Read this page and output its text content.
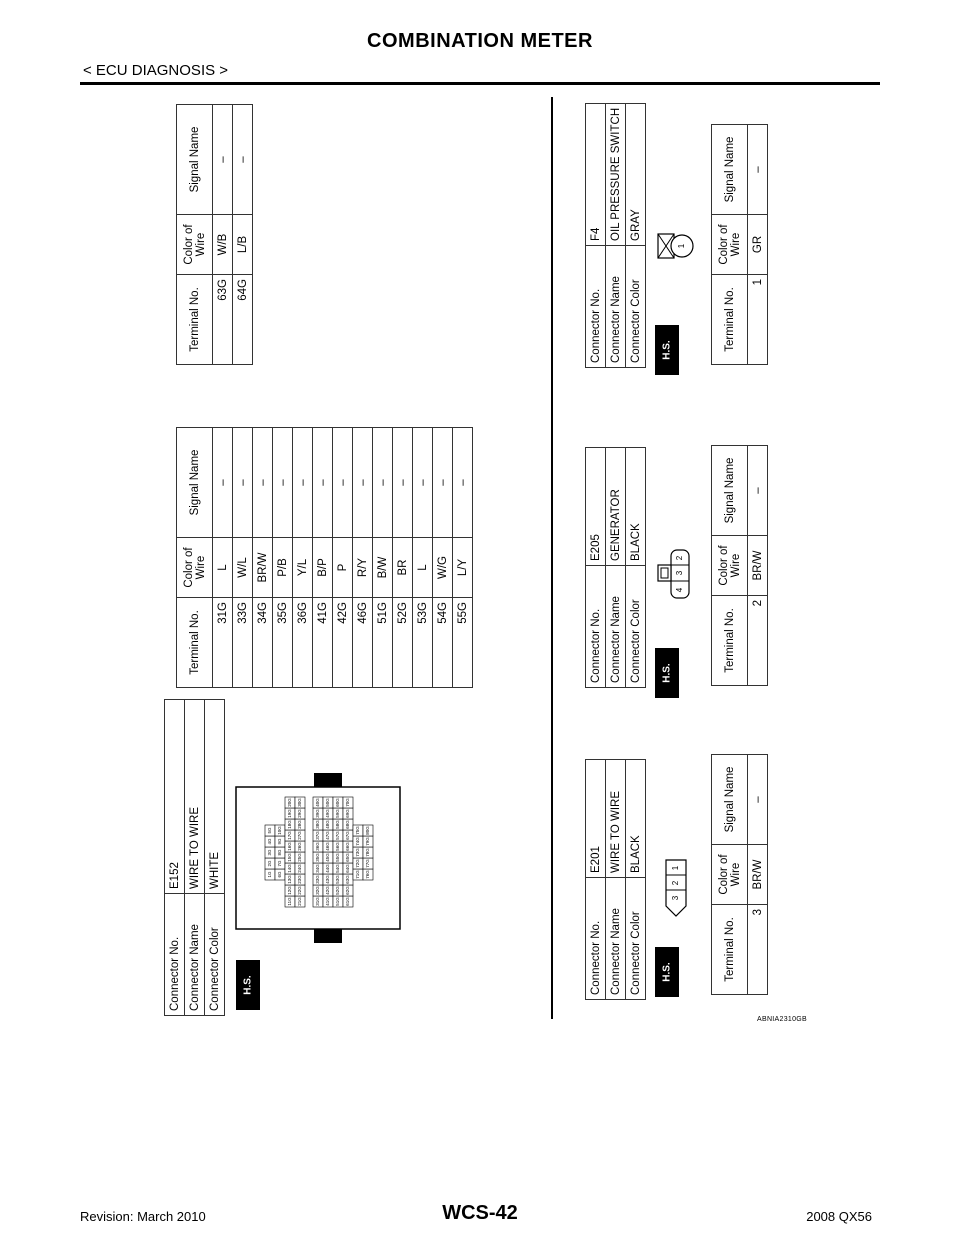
COMBINATION METER
< ECU DIAGNOSIS >
Connector No.	E152
Connector Name	WIRE TO WIRE
Connector Color	WHITE
H.S.
1G
2G
3G
4G
5G
6G
7G
8G
9G
10G
11G
12G
13G
14G
15G
16G
17G
18G
19G
20G
21G
22G
23G
24G
25G
26G
27G
28G
29G
30G
31G
32G
33G
34G
35G
36G
37G
38G
39G
40G
41G
42G
43G
44G
45G
46G
47G
48G
49G
50G
51G
52G
53G
54G
55G
56G
57G
58G
59G
60G
61G
62G
63G
64G
65G
66G
67G
68G
69G
70G
71G
72G
73G
74G
75G
76G
77G
78G
79G
80G
Terminal No.	Color of
Wire	Signal Name
31G	L	–
33G	W/L	–
34G	BR/W	–
35G	P/B	–
36G	Y/L	–
41G	B/P	–
42G	P	–
46G	R/Y	–
51G	B/W	–
52G	BR	–
53G	L	–
54G	W/G	–
55G	L/Y	–
Terminal No.	Color of
Wire	Signal Name
63G	W/B	–
64G	L/B	–
Connector No.	E201
Connector Name	WIRE TO WIRE
Connector Color	BLACK
H.S.
1
2
3
Terminal No.	Color of
Wire	Signal Name
3	BR/W	–
Connector No.	E205
Connector Name	GENERATOR
Connector Color	BLACK
H.S.
2
3
4
Terminal No.	Color of
Wire	Signal Name
2	BR/W	–
Connector No.	F4
Connector Name	OIL PRESSURE SWITCH
Connector Color	GRAY
H.S.
1
Terminal No.	Color of
Wire	Signal Name
1	GR	–
ABNIA2310GB
Revision: March 2010	WCS-42	2008 QX56
